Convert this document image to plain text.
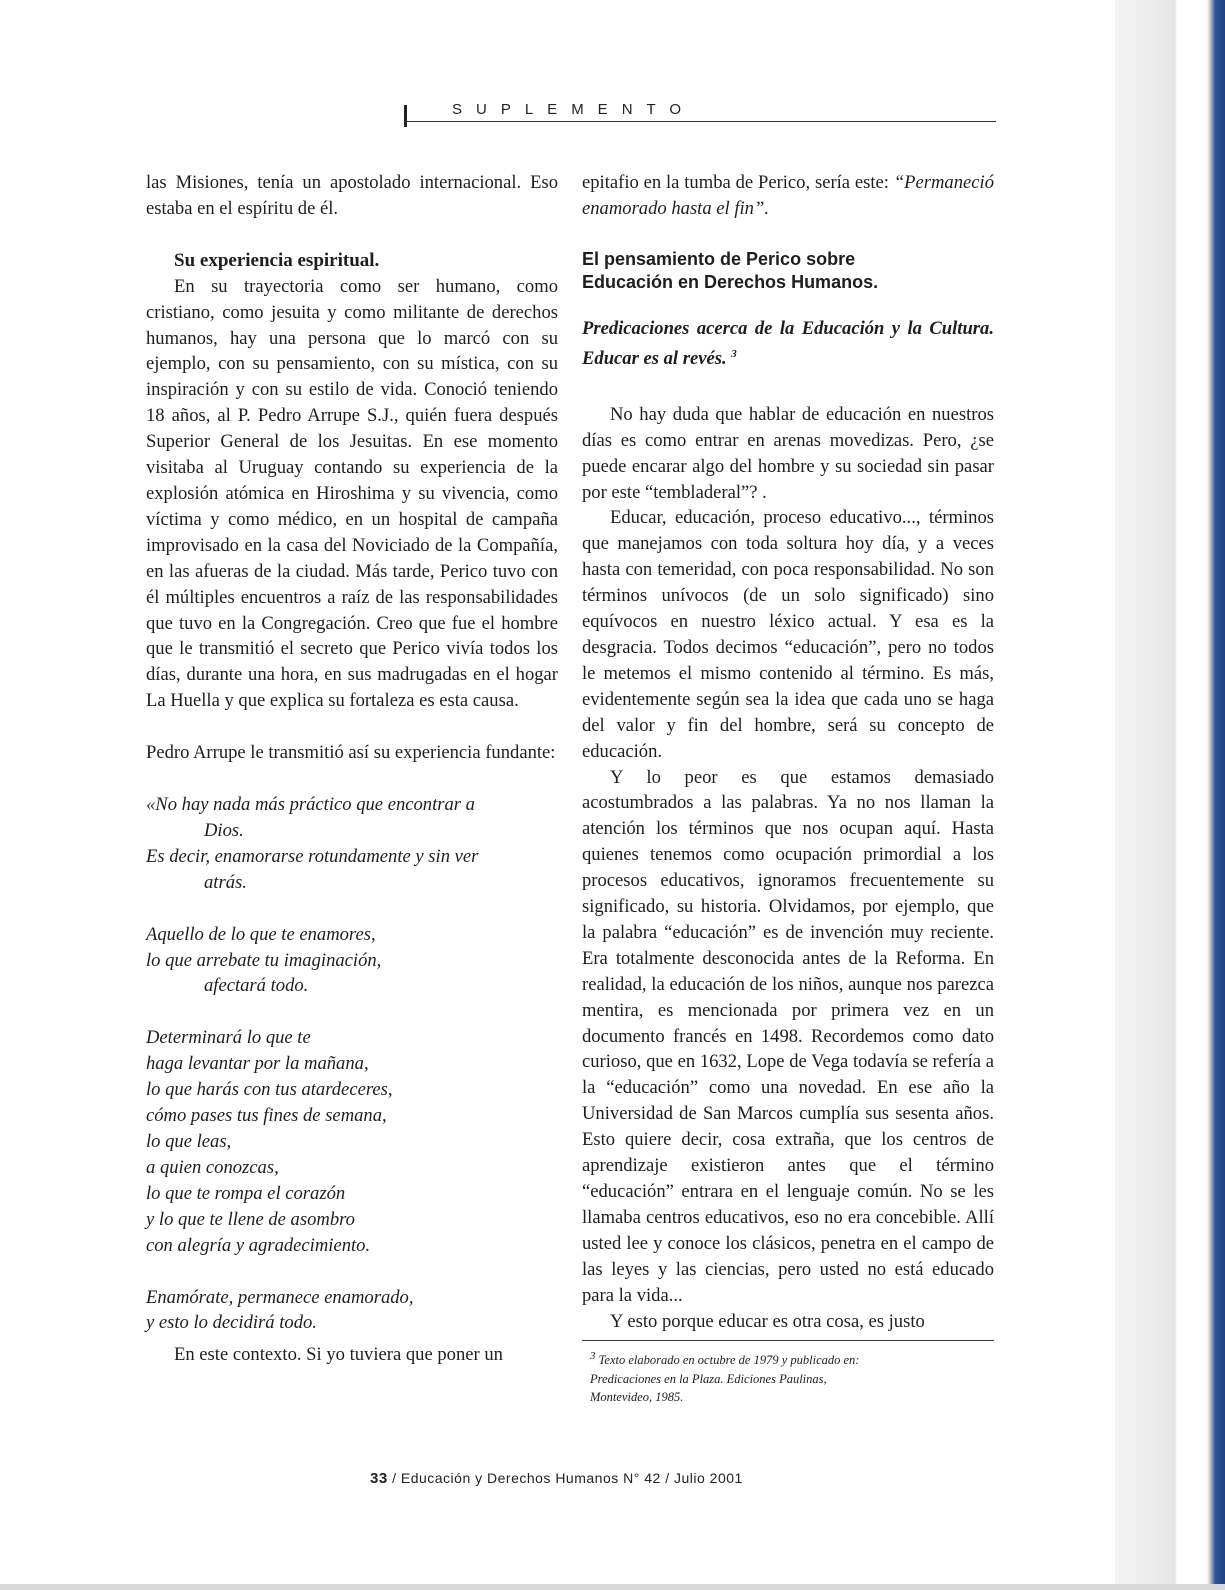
SUPLEMENTO

las Misiones, tenía un apostolado internacional. Eso estaba en el espíritu de él.

Su experiencia espiritual.

En su trayectoria como ser humano, como cristiano, como jesuita y como militante de derechos humanos, hay una persona que lo marcó con su ejemplo, con su pensamiento, con su mística, con su inspiración y con su estilo de vida. Conoció teniendo 18 años, al P. Pedro Arrupe S.J., quién fuera después Superior General de los Jesuitas. En ese momento visitaba al Uruguay contando su experiencia de la explosión atómica en Hiroshima y su vivencia, como víctima y como médico, en un hospital de campaña improvisado en la casa del Noviciado de la Compañía, en las afueras de la ciudad. Más tarde, Perico tuvo con él múltiples encuentros a raíz de las responsabilidades que tuvo en la Congregación. Creo que fue el hombre que le transmitió el secreto que Perico vivía todos los días, durante una hora, en sus madrugadas en el hogar La Huella y que explica su fortaleza es esta causa.

Pedro Arrupe le transmitió así su experiencia fundante:

«No hay nada más práctico que encontrar a
Dios.
Es decir, enamorarse rotundamente y sin ver
atrás.
Aquello de lo que te enamores,
lo que arrebate tu imaginación,
afectará todo.
Determinará lo que te
haga levantar por la mañana,
lo que harás con tus atardeceres,
cómo pases tus fines de semana,
lo que leas,
a quien conozcas,
lo que te rompa el corazón
y lo que te llene de asombro
con alegría y agradecimiento.
Enamórate, permanece enamorado,
y esto lo decidirá todo.

En este contexto. Si yo tuviera que poner un

epitafio en la tumba de Perico, sería este: “Permaneció enamorado hasta el fin”.

El pensamiento de Perico sobre
Educación en Derechos Humanos.

Predicaciones acerca de la Educación y la Cultura. Educar es al revés. $^3$

No hay duda que hablar de educación en nuestros días es como entrar en arenas movedizas. Pero, ¿se puede encarar algo del hombre y su sociedad sin pasar por este “tembladeral”? .

Educar, educación, proceso educativo..., términos que manejamos con toda soltura hoy día, y a veces hasta con temeridad, con poca responsabilidad. No son términos unívocos (de un solo significado) sino equívocos en nuestro léxico actual. Y esa es la desgracia. Todos decimos “educación”, pero no todos le metemos el mismo contenido al término. Es más, evidentemente según sea la idea que cada uno se haga del valor y fin del hombre, será su concepto de educación.

Y lo peor es que estamos demasiado acostumbrados a las palabras. Ya no nos llaman la atención los términos que nos ocupan aquí. Hasta quienes tenemos como ocupación primordial a los procesos educativos, ignoramos frecuentemente su significado, su historia. Olvidamos, por ejemplo, que la palabra “educación” es de invención muy reciente. Era totalmente desconocida antes de la Reforma. En realidad, la educación de los niños, aunque nos parezca mentira, es mencionada por primera vez en un documento francés en 1498. Recordemos como dato curioso, que en 1632, Lope de Vega todavía se refería a la “educación” como una novedad. En ese año la Universidad de San Marcos cumplía sus sesenta años. Esto quiere decir, cosa extraña, que los centros de aprendizaje existieron antes que el término “educación” entrara en el lenguaje común. No se les llamaba centros educativos, eso no era concebible. Allí usted lee y conoce los clásicos, penetra en el campo de las leyes y las ciencias, pero usted no está educado para la vida...

Y esto porque educar es otra cosa, es justo

3 Texto elaborado en octubre de 1979 y publicado en: Predicaciones en la Plaza. Ediciones Paulinas, Montevideo, 1985.
33 / Educación y Derechos Humanos N° 42 / Julio 2001
